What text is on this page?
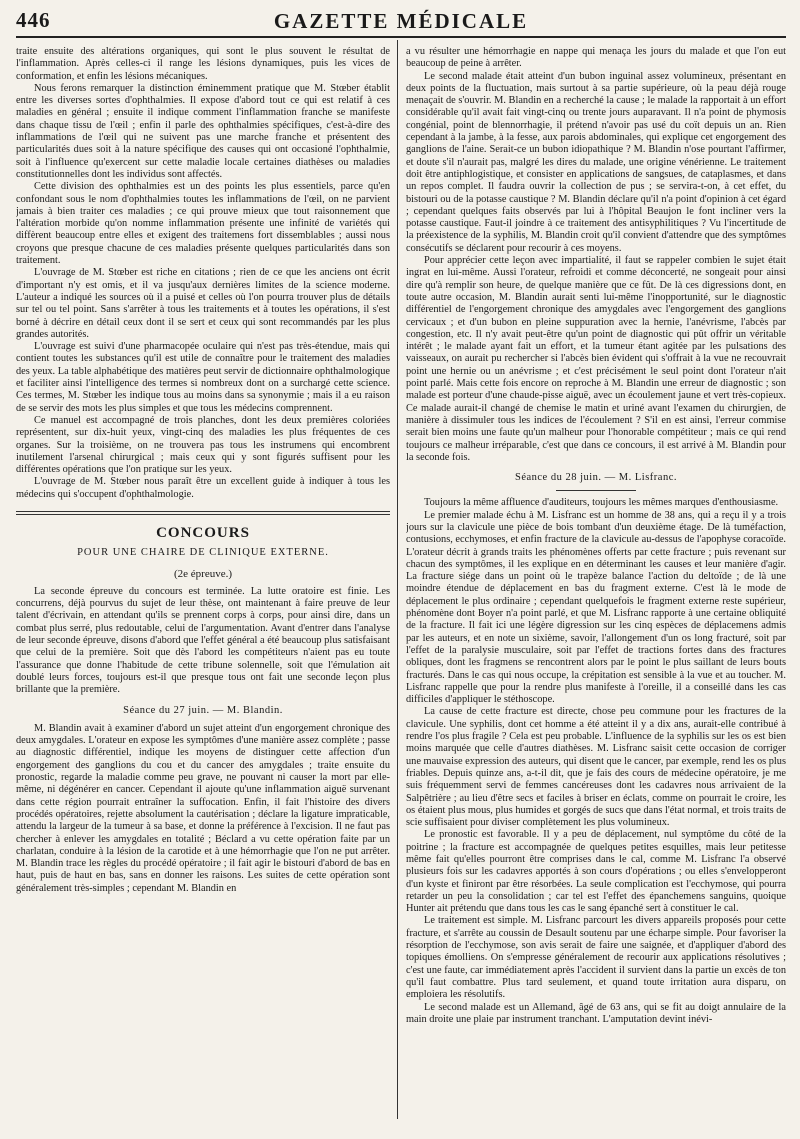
446	GAZETTE MÉDICALE

traite ensuite des altérations organiques, qui sont le plus souvent le résultat de l'inflammation. Après celles-ci il range les lésions dynamiques, puis les vices de conformation, et enfin les lésions mécaniques.

Nous ferons remarquer la distinction éminemment pratique que M. Stœber établit entre les diverses sortes d'ophthalmies. Il expose d'abord tout ce qui est relatif à ces maladies en général ; ensuite il indique comment l'inflammation franche se manifeste dans chaque tissu de l'œil ; enfin il parle des ophthalmies spécifiques, c'est-à-dire des inflammations de l'œil qui ne suivent pas une marche franche et présentent des particularités dues soit à la nature spécifique des causes qui ont occasioné l'ophthalmie, soit à l'influence qu'exercent sur cette maladie locale certaines diathèses ou maladies constitutionnelles dont les individus sont affectés.

Cette division des ophthalmies est un des points les plus essentiels, parce qu'en confondant sous le nom d'ophthalmies toutes les inflammations de l'œil, on ne parvient jamais à bien traiter ces maladies ; ce qui prouve mieux que tout raisonnement que l'altération morbide qu'on nomme inflammation présente une infinité de variétés qui diffèrent beaucoup entre elles et exigent des traitemens fort dissemblables ; aussi nous croyons que presque chacune de ces maladies présente quelques particularités dans son traitement.

L'ouvrage de M. Stœber est riche en citations ; rien de ce que les anciens ont écrit d'important n'y est omis, et il va jusqu'aux dernières limites de la science moderne. L'auteur a indiqué les sources où il a puisé et celles où l'on pourra trouver plus de détails sur tel ou tel point. Sans s'arrêter à tous les traitements et à toutes les opérations, il s'est borné à décrire en détail ceux dont il se sert et ceux qui sont recommandés par les plus grandes autorités.

L'ouvrage est suivi d'une pharmacopée oculaire qui n'est pas très-étendue, mais qui contient toutes les substances qu'il est utile de connaître pour le traitement des maladies des yeux. La table alphabétique des matières peut servir de dictionnaire ophthalmologique et faciliter ainsi l'intelligence des termes si nombreux dont on a surchargé cette science. Ces termes, M. Stœber les indique tous au moins dans sa synonymie ; mais il a eu raison de se servir des mots les plus simples et que tous les médecins comprennent.

Ce manuel est accompagné de trois planches, dont les deux premières coloriées représentent, sur dix-huit yeux, vingt-cinq des maladies les plus fréquentes de ces organes. Sur la troisième, on ne trouvera pas tous les instrumens qui encombrent inutilement l'arsenal chirurgical ; mais ceux qui y sont figurés suffisent pour les différentes opérations que l'on pratique sur les yeux.

L'ouvrage de M. Stœber nous paraît être un excellent guide à indiquer à tous les médecins qui s'occupent d'ophthalmologie.

CONCOURS
POUR UNE CHAIRE DE CLINIQUE EXTERNE.
(2e épreuve.)

La seconde épreuve du concours est terminée. La lutte oratoire est finie. Les concurrens, déjà pourvus du sujet de leur thèse, ont maintenant à faire preuve de leur talent d'écrivain, en attendant qu'ils se prennent corps à corps, pour ainsi dire, dans un combat plus serré, plus redoutable, celui de l'argumentation. Avant d'entrer dans l'analyse de leur seconde épreuve, disons d'abord que l'effet général a été beaucoup plus satisfaisant que celui de la première. Soit que dès l'abord les compétiteurs n'aient pas eu toute l'assurance que donne l'habitude de cette tribune solennelle, soit que l'émulation ait doublé leurs forces, toujours est-il que presque tous ont fait une seconde leçon plus brillante que la première.

Séance du 27 juin. — M. Blandin.

M. Blandin avait à examiner d'abord un sujet atteint d'un engorgement chronique des deux amygdales. L'orateur en expose les symptômes d'une manière assez complète ; passe au diagnostic différentiel, indique les moyens de distinguer cette affection d'un engorgement des ganglions du cou et du cancer des amygdales ; traite ensuite du pronostic, regarde la maladie comme peu grave, ne pouvant ni causer la mort par elle-même, ni dégénérer en cancer. Cependant il ajoute qu'une inflammation aiguë survenant dans cette région pourrait entraîner la suffocation. Enfin, il fait l'histoire des divers procédés opératoires, rejette absolument la cautérisation ; déclare la ligature impraticable, attendu la largeur de la tumeur à sa base, et donne la préférence à l'excision. Il ne faut pas chercher à enlever les amygdales en totalité ; Béclard a vu cette opération faite par un charlatan, conduire à la lésion de la carotide et à une hémorrhagie que l'on ne put arrêter. M. Blandin trace les règles du procédé opératoire ; il fait agir le bistouri d'abord de bas en haut, puis de haut en bas, sans en donner les raisons. Les suites de cette opération sont généralement très-simples ; cependant M. Blandin en

a vu résulter une hémorrhagie en nappe qui menaça les jours du malade et que l'on eut beaucoup de peine à arrêter.

Le second malade était atteint d'un bubon inguinal assez volumineux, présentant en deux points de la fluctuation, mais surtout à sa partie supérieure, où la peau déjà rouge menaçait de s'ouvrir. M. Blandin en a recherché la cause ; le malade la rapportait à un effort considérable qu'il avait fait vingt-cinq ou trente jours auparavant. Il n'a point de phymosis congénial, point de blennorrhagie, il prétend n'avoir pas usé du coït depuis un an. Rien cependant à la jambe, à la fesse, aux parois abdominales, qui explique cet engorgement des ganglions de l'aine. Serait-ce un bubon idiopathique ? M. Blandin n'ose pourtant l'affirmer, et doute s'il n'aurait pas, malgré les dires du malade, une origine vénérienne. Le traitement doit être antiphlogistique, et consister en applications de sangsues, de cataplasmes, et dans un repos complet. Il faudra ouvrir la collection de pus ; se servira-t-on, à cet effet, du bistouri ou de la potasse caustique ? M. Blandin déclare qu'il n'a point d'opinion à cet égard ; cependant quelques faits observés par lui à l'hôpital Beaujon le font incliner vers la potasse caustique. Faut-il joindre à ce traitement des antisyphilitiques ? Vu l'incertitude de la préexistence de la syphilis, M. Blandin croit qu'il convient d'attendre que des symptômes consécutifs se déclarent pour recourir à ces moyens.

Pour apprécier cette leçon avec impartialité, il faut se rappeler combien le sujet était ingrat en lui-même. Aussi l'orateur, refroidi et comme déconcerté, ne songeait pour ainsi dire qu'à remplir son heure, de quelque manière que ce fût. De là ces digressions dont, en toute autre occasion, M. Blandin aurait senti lui-même l'inopportunité, sur le diagnostic différentiel de l'engorgement chronique des amygdales avec l'engorgement des ganglions cervicaux ; et d'un bubon en pleine suppuration avec la hernie, l'anévrisme, l'abcès par congestion, etc. Il n'y avait peut-être qu'un point de diagnostic qui pût offrir un véritable intérêt ; le malade ayant fait un effort, et la tumeur étant agitée par les pulsations des vaisseaux, on aurait pu rechercher si l'abcès bien évident qui s'offrait à la vue ne recouvrait point une hernie ou un anévrisme ; et c'est précisément le seul point dont l'orateur n'ait point parlé. Mais cette fois encore on reproche à M. Blandin une erreur de diagnostic ; son malade est porteur d'une chaude-pisse aiguë, avec un écoulement jaune et vert très-copieux. Ce malade aurait-il changé de chemise le matin et uriné avant l'examen du chirurgien, de manière à dissimuler tous les indices de l'écoulement ? S'il en est ainsi, l'erreur commise serait bien moins une faute qu'un malheur pour l'honorable compétiteur ; mais ce qui rend toujours ce malheur irréparable, c'est que dans ce concours, il est arrivé à M. Blandin pour la seconde fois.

Séance du 28 juin. — M. Lisfranc.

Toujours la même affluence d'auditeurs, toujours les mêmes marques d'enthousiasme.

Le premier malade échu à M. Lisfranc est un homme de 38 ans, qui a reçu il y a trois jours sur la clavicule une pièce de bois tombant d'un deuxième étage. De là tuméfaction, contusions, ecchymoses, et enfin fracture de la clavicule au-dessus de l'apophyse coracoïde. L'orateur décrit à grands traits les phénomènes offerts par cette fracture ; puis revenant sur chacun des symptômes, il les explique en en déterminant les causes et leur manière d'agir. La fracture siége dans un point où le trapèze balance l'action du deltoïde ; de là une moindre étendue de déplacement en bas du fragment externe. C'est là le mode de déplacement le plus ordinaire ; cependant quelquefois le fragment externe reste supérieur, phénomène dont Boyer n'a point parlé, et que M. Lisfranc rapporte à une certaine obliquité de la fracture. Il fait ici une légère digression sur les cinq espèces de déplacemens admis par les auteurs, et en note un sixième, savoir, l'allongement d'un os long fracturé, soit par l'effet de la paralysie musculaire, soit par l'effet de tractions fortes dans des fractures obliques, dont les fragmens se rencontrent alors par le point le plus saillant de leurs bouts fracturés. Dans le cas qui nous occupe, la crépitation est sensible à la vue et au toucher. M. Lisfranc rappelle que pour la rendre plus manifeste à l'oreille, il a conseillé dans les cas difficiles d'appliquer le stéthoscope.

La cause de cette fracture est directe, chose peu commune pour les fractures de la clavicule. Une syphilis, dont cet homme a été atteint il y a dix ans, aurait-elle contribué à rendre l'os plus fragile ? Cela est peu probable. L'influence de la syphilis sur les os est bien moins marquée que celle d'autres diathèses. M. Lisfranc saisit cette occasion de corriger une mauvaise expression des auteurs, qui disent que le cancer, par exemple, rend les os plus friables. Depuis quinze ans, a-t-il dit, que je fais des cours de médecine opératoire, je me suis fréquemment servi de femmes cancéreuses dont les cadavres nous arrivaient de la Salpêtrière ; au lieu d'être secs et faciles à briser en éclats, comme on pourrait le croire, les os étaient plus mous, plus humides et gorgés de sucs que dans l'état normal, et trois traits de scie suffisaient pour diviser complètement les plus volumineux.

Le pronostic est favorable. Il y a peu de déplacement, nul symptôme du côté de la poitrine ; la fracture est accompagnée de quelques petites esquilles, mais leur petitesse même fait qu'elles pourront être comprises dans le cal, comme M. Lisfranc l'a observé plusieurs fois sur les cadavres apportés à son cours d'opérations ; ou elles s'envelopperont d'un kyste et finiront par être résorbées. La seule complication est l'ecchymose, qui pourra retarder un peu la consolidation ; car tel est l'effet des épanchemens sanguins, quoique Hunter ait prétendu que dans tous les cas le sang épanché sert à constituer le cal.

Le traitement est simple. M. Lisfranc parcourt les divers appareils proposés pour cette fracture, et s'arrête au coussin de Desault soutenu par une écharpe simple. Pour favoriser la résorption de l'ecchymose, son avis serait de faire une saignée, et d'appliquer d'abord des topiques émolliens. On s'empresse généralement de recourir aux applications résolutives ; c'est une faute, car immédiatement après l'accident il survient dans la partie un excès de ton qu'il faut combattre. Plus tard seulement, et quand toute irritation aura disparu, on emploiera les résolutifs.

Le second malade est un Allemand, âgé de 63 ans, qui se fit au doigt annulaire de la main droite une plaie par instrument tranchant. L'amputation devint inévi-
